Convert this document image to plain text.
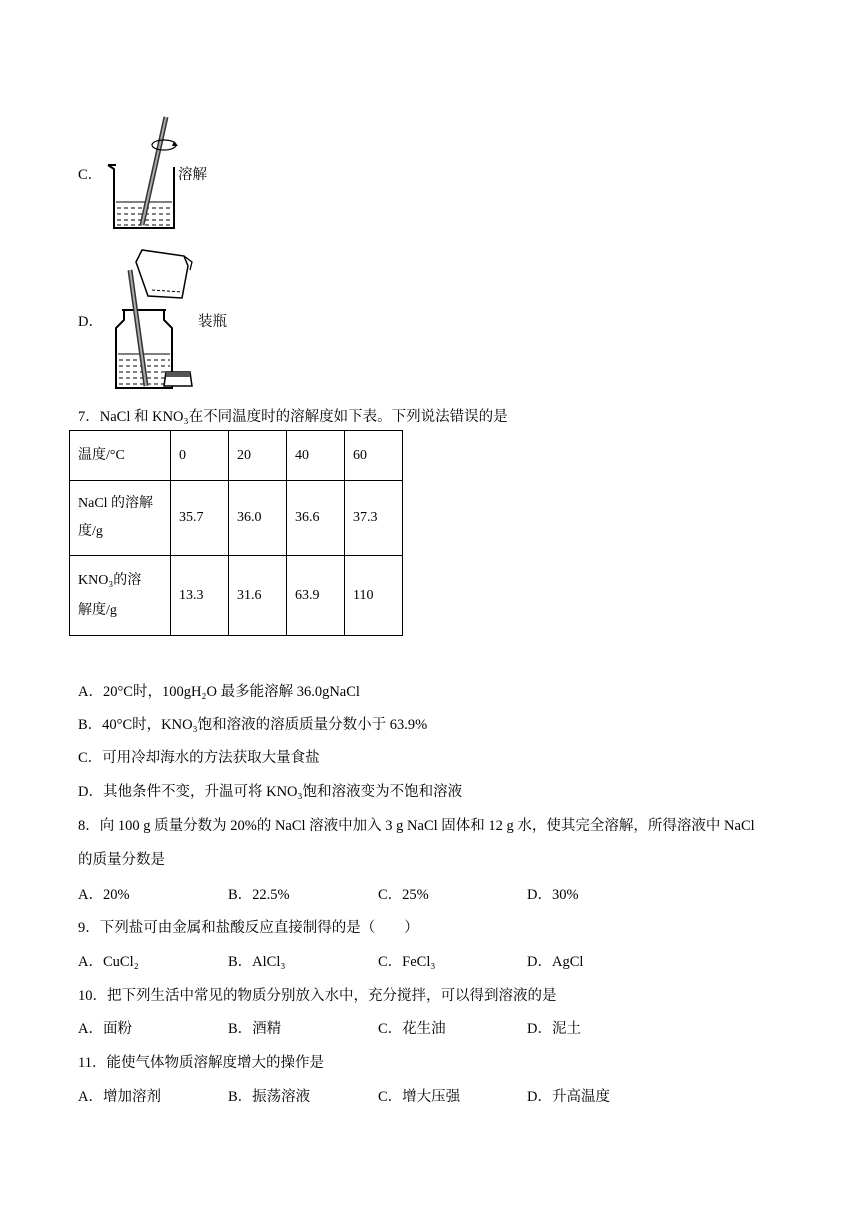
C．	溶解
D．	装瓶
7．NaCl 和 KNO₃在不同温度时的溶解度如下表。下列说法错误的是
温度/°C	0	20	40	60
NaCl 的溶解
度/g	35.7	36.0	36.6	37.3
KNO₃的溶
解度/g	13.3	31.6	63.9	110
A．20°C时，100gH₂O 最多能溶解 36.0gNaCl
B．40°C时，KNO₃饱和溶液的溶质质量分数小于 63.9%
C．可用冷却海水的方法获取大量食盐
D．其他条件不变，升温可将 KNO₃饱和溶液变为不饱和溶液
8．向 100 g 质量分数为 20%的 NaCl 溶液中加入 3 g NaCl 固体和 12 g 水，使其完全溶解，所得溶液中 NaCl
的质量分数是
A．20%	B．22.5%	C．25%	D．30%
9．下列盐可由金属和盐酸反应直接制得的是（　　）
A．CuCl₂	B．AlCl₃	C．FeCl₃	D．AgCl
10．把下列生活中常见的物质分别放入水中，充分搅拌，可以得到溶液的是
A．面粉	B．酒精	C．花生油	D．泥土
11．能使气体物质溶解度增大的操作是
A．增加溶剂	B．振荡溶液	C．增大压强	D．升高温度
